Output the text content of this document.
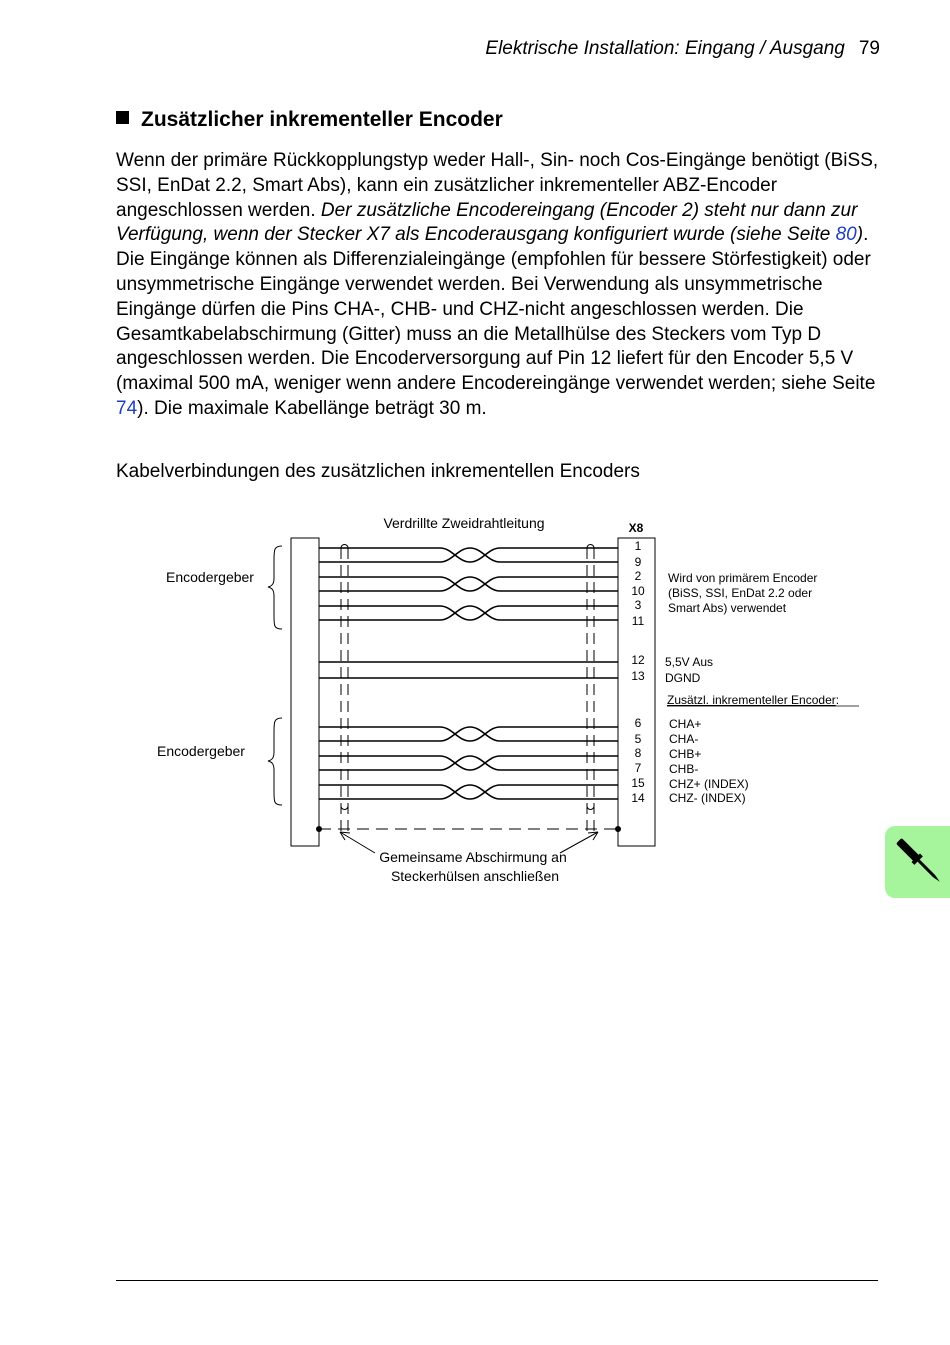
Elektrische Installation: Eingang / Ausgang 79
Zusätzlicher inkrementeller Encoder
Wenn der primäre Rückkopplungstyp weder Hall-, Sin- noch Cos-Eingänge benötigt (BiSS, SSI, EnDat 2.2, Smart Abs), kann ein zusätzlicher inkrementeller ABZ-Encoder angeschlossen werden. Der zusätzliche Encodereingang (Encoder 2) steht nur dann zur Verfügung, wenn der Stecker X7 als Encoderausgang konfiguriert wurde (siehe Seite 80). Die Eingänge können als Differenzialeingänge (empfohlen für bessere Störfestigkeit) oder unsymmetrische Eingänge verwendet werden. Bei Verwendung als unsymmetrische Eingänge dürfen die Pins CHA-, CHB- und CHZ-nicht angeschlossen werden. Die Gesamtkabelabschirmung (Gitter) muss an die Metallhülse des Steckers vom Typ D angeschlossen werden. Die Encoderversorgung auf Pin 12 liefert für den Encoder 5,5 V (maximal 500 mA, weniger wenn andere Encodereingänge verwendet werden; siehe Seite 74). Die maximale Kabellänge beträgt 30 m.
Kabelverbindungen des zusätzlichen inkrementellen Encoders
Verdrillte Zweidrahtleitung	X8
Encodergeber
Encodergeber
1
9
2
10
3
11
12
13
6
5
8
7
15
14
Wird von primärem Encoder
(BiSS, SSI, EnDat 2.2 oder
Smart Abs) verwendet
5,5V Aus
DGND
Zusätzl. inkrementeller Encoder:
CHA+
CHA-
CHB+
CHB-
CHZ+ (INDEX)
CHZ- (INDEX)
Gemeinsame Abschirmung an
Steckerhülsen anschließen
